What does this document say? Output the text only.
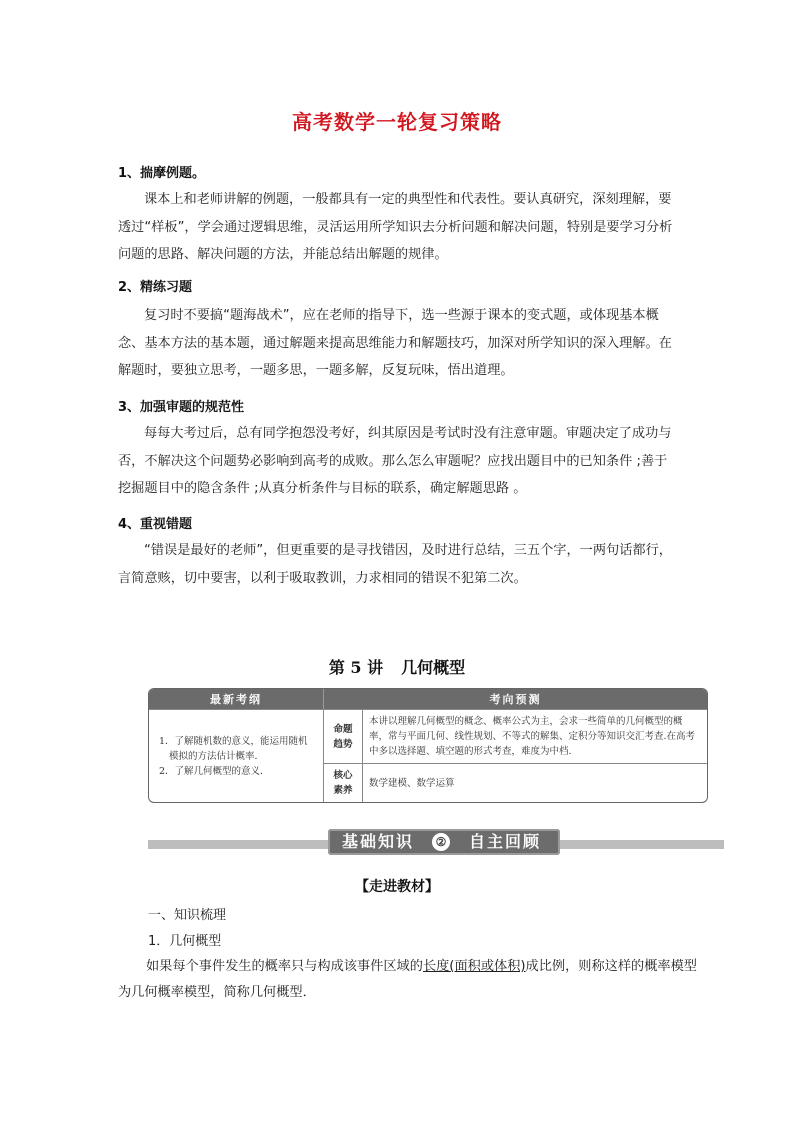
高考数学一轮复习策略
1、揣摩例题。
课本上和老师讲解的例题，一般都具有一定的典型性和代表性。要认真研究，深刻理解，要透过“样板”，学会通过逻辑思维，灵活运用所学知识去分析问题和解决问题，特别是要学习分析问题的思路、解决问题的方法，并能总结出解题的规律。
2、精练习题
复习时不要搞“题海战术”，应在老师的指导下，选一些源于课本的变式题，或体现基本概念、基本方法的基本题，通过解题来提高思维能力和解题技巧，加深对所学知识的深入理解。在解题时，要独立思考，一题多思，一题多解，反复玩味，悟出道理。
3、加强审题的规范性
每每大考过后，总有同学抱怨没考好，纠其原因是考试时没有注意审题。审题决定了成功与否，不解决这个问题势必影响到高考的成败。那么怎么审题呢？应找出题目中的已知条件 ;善于挖掘题目中的隐含条件 ;从真分析条件与目标的联系，确定解题思路 。
4、重视错题
“错误是最好的老师”，但更重要的是寻找错因，及时进行总结，三五个字，一两句话都行，言简意赅，切中要害，以利于吸取教训，力求相同的错误不犯第二次。
第 5 讲 几何概型
最新考纲	考向预测	

1．了解随机数的意义，能运用随机模拟的方法估计概率．
2．了解几何概型的意义．	命题趋势	本讲以理解几何概型的概念、概率公式为主，会求一些简单的几何概型的概率，常与平面几何、线性规划、不等式的解集、定积分等知识交汇考查.在高考中多以选择题、填空题的形式考查，难度为中档.
	核心素养	数学建模、数学运算
基础知识	②	自主回顾
【走进教材】
一、知识梳理
1．几何概型
如果每个事件发生的概率只与构成该事件区域的长度(面积或体积)成比例，则称这样的概率模型为几何概率模型，简称几何概型．
